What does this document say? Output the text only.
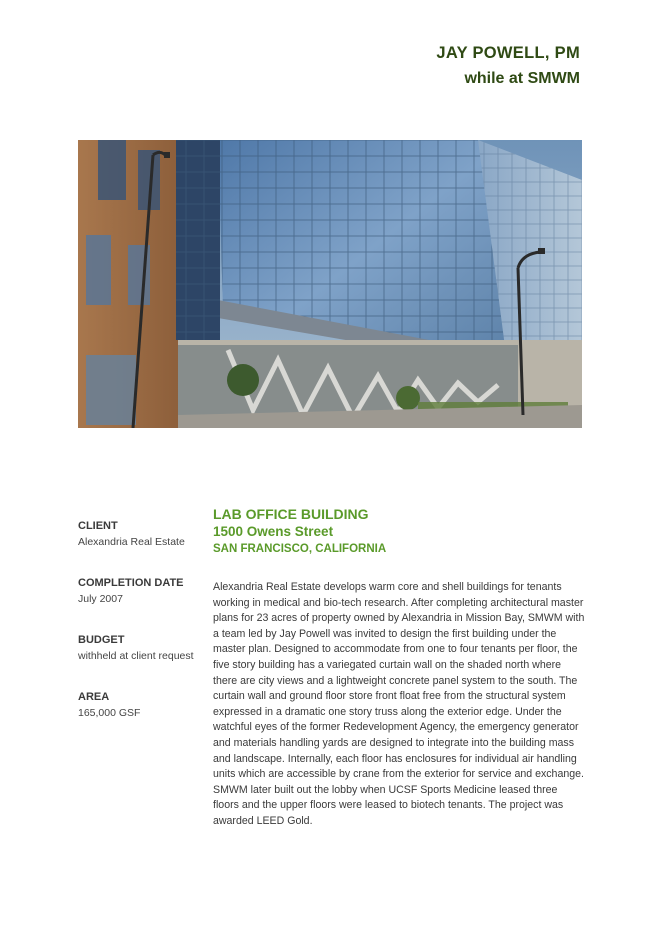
JAY POWELL, PM
while at SMWM
CLIENT
Alexandria Real Estate
COMPLETION DATE
July 2007
BUDGET
withheld at client request
AREA
165,000 GSF
LAB OFFICE BUILDING
1500 Owens Street
SAN FRANCISCO, CALIFORNIA
Alexandria Real Estate develops warm core and shell buildings for tenants working in medical and bio-tech research. After completing architectural master plans for 23 acres of property owned by Alexandria in Mission Bay, SMWM with a team led by Jay Powell was invited to design the first building under the master plan. Designed to accommodate from one to four tenants per floor, the five story building has a variegated curtain wall on the shaded north where there are city views and a lightweight concrete panel system to the south. The curtain wall and ground floor store front float free from the structural system expressed in a dramatic one story truss along the exterior edge. Under the watchful eyes of the former Redevelopment Agency, the emergency generator and materials handling yards are designed to integrate into the building mass and landscape. Internally, each floor has enclosures for individual air handling units which are accessible by crane from the exterior for service and exchange. SMWM later built out the lobby when UCSF Sports Medicine leased three floors and the upper floors were leased to biotech tenants. The project was awarded LEED Gold.
